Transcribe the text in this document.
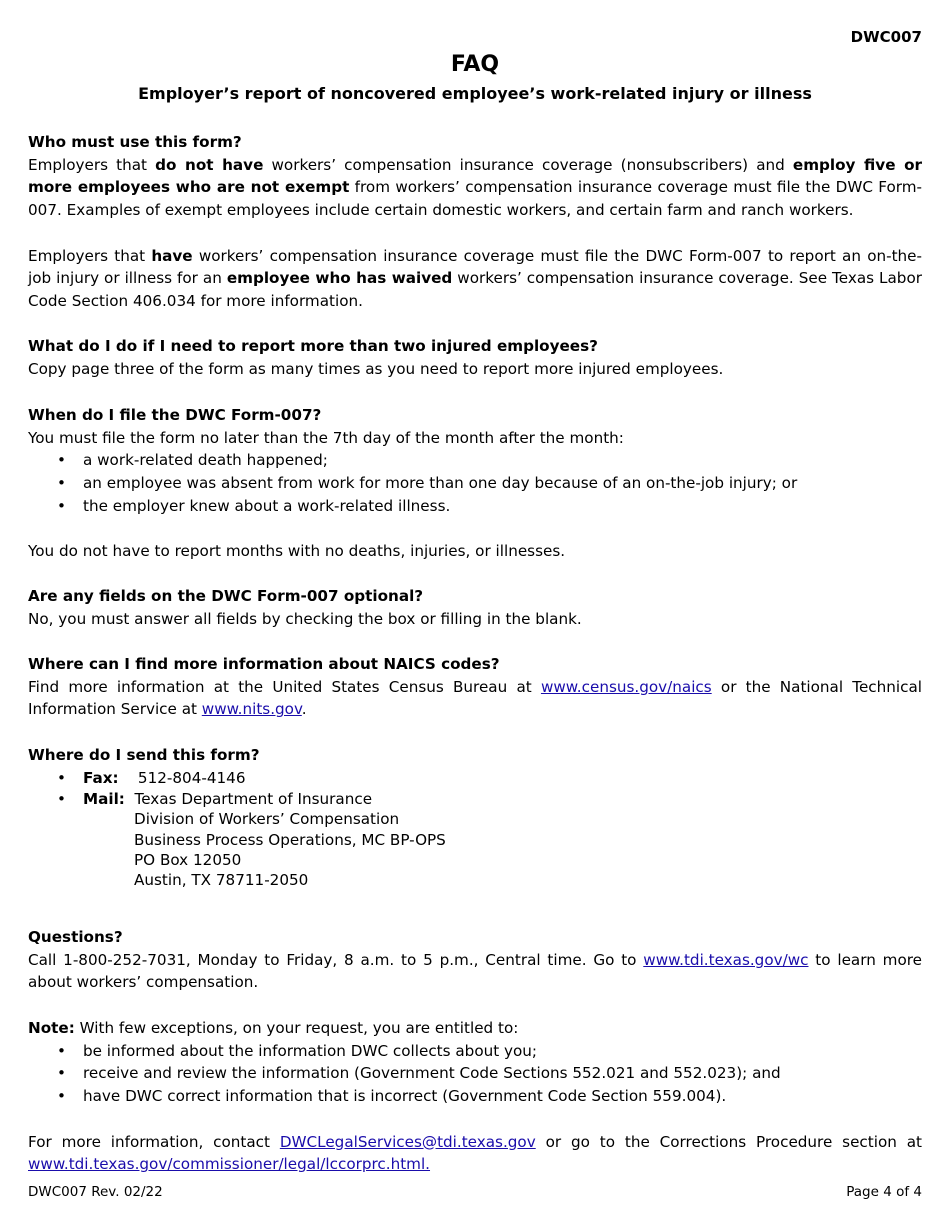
DWC007
FAQ
Employer’s report of noncovered employee’s work-related injury or illness
Who must use this form?

Employers that do not have workers’ compensation insurance coverage (nonsubscribers) and employ five or more employees who are not exempt from workers’ compensation insurance coverage must file the DWC Form-007. Examples of exempt employees include certain domestic workers, and certain farm and ranch workers.

Employers that have workers’ compensation insurance coverage must file the DWC Form-007 to report an on-the-job injury or illness for an employee who has waived workers’ compensation insurance coverage. See Texas Labor Code Section 406.034 for more information.

What do I do if I need to report more than two injured employees?

Copy page three of the form as many times as you need to report more injured employees.

When do I file the DWC Form-007?

You must file the form no later than the 7th day of the month after the month:

• a work-related death happened;
• an employee was absent from work for more than one day because of an on-the-job injury; or
• the employer knew about a work-related illness.

You do not have to report months with no deaths, injuries, or illnesses.

Are any fields on the DWC Form-007 optional?

No, you must answer all fields by checking the box or filling in the blank.

Where can I find more information about NAICS codes?

Find more information at the United States Census Bureau at www.census.gov/naics or the National Technical Information Service at www.nits.gov.

Where do I send this form?
• Fax: 512-804-4146
• Mail: Texas Department of Insurance
Division of Workers’ Compensation
Business Process Operations, MC BP-OPS
PO Box 12050
Austin, TX 78711-2050
Questions?

Call 1-800-252-7031, Monday to Friday, 8 a.m. to 5 p.m., Central time. Go to www.tdi.texas.gov/wc to learn more about workers’ compensation.

Note: With few exceptions, on your request, you are entitled to:

• be informed about the information DWC collects about you;
• receive and review the information (Government Code Sections 552.021 and 552.023); and
• have DWC correct information that is incorrect (Government Code Section 559.004).

For more information, contact DWCLegalServices@tdi.texas.gov or go to the Corrections Procedure section at www.tdi.texas.gov/commissioner/legal/lccorprc.html.

DWC007 Rev. 02/22	Page 4 of 4
